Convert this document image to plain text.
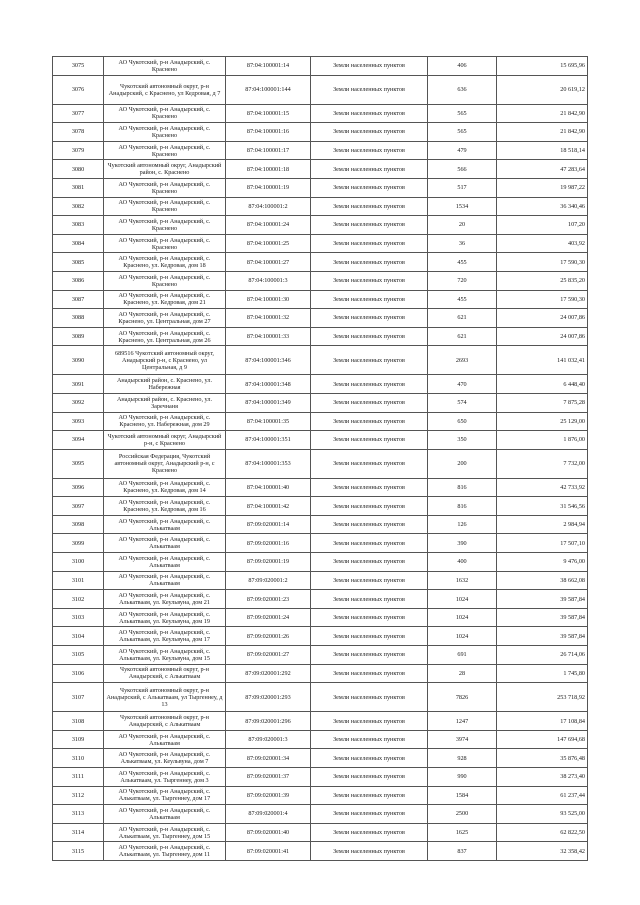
3075	АО Чукотский, р-н Анадырский, с. Краснено	87:04:100001:14	Земли населенных пунктов	406	15 695,96
3076	Чукотский автономный округ, р-н Анадырский, с Красненo, ул Кедровая, д 7	87:04:100001:144	Земли населенных пунктов	636	20 619,12
3077	АО Чукотский, р-н Анадырский, с. Краснено	87:04:100001:15	Земли населенных пунктов	565	21 842,90
3078	АО Чукотский, р-н Анадырский, с. Краснено	87:04:100001:16	Земли населенных пунктов	565	21 842,90
3079	АО Чукотский, р-н Анадырский, с. Краснено	87:04:100001:17	Земли населенных пунктов	479	18 518,14
3080	Чукотский автономный округ, Анадырский район, с. Краснено	87:04:100001:18	Земли населенных пунктов	566	47 283,64
3081	АО Чукотский, р-н Анадырский, с. Краснено	87:04:100001:19	Земли населенных пунктов	517	19 987,22
3082	АО Чукотский, р-н Анадырский, с. Краснено	87:04:100001:2	Земли населенных пунктов	1534	36 340,46
3083	АО Чукотский, р-н Анадырский, с. Краснено	87:04:100001:24	Земли населенных пунктов	20	107,20
3084	АО Чукотский, р-н Анадырский, с. Краснено	87:04:100001:25	Земли населенных пунктов	36	403,92
3085	АО Чукотский, р-н Анадырский, с. Краснено, ул. Кедровая, дом 18	87:04:100001:27	Земли населенных пунктов	455	17 590,30
3086	АО Чукотский, р-н Анадырский, с. Краснено	87:04:100001:3	Земли населенных пунктов	720	25 835,20
3087	АО Чукотский, р-н Анадырский, с. Краснено, ул. Кедровая, дом 21	87:04:100001:30	Земли населенных пунктов	455	17 590,30
3088	АО Чукотский, р-н Анадырский, с. Краснено, ул. Центральная, дом 27	87:04:100001:32	Земли населенных пунктов	621	24 007,86
3089	АО Чукотский, р-н Анадырский, с. Краснено, ул. Центральная, дом 26	87:04:100001:33	Земли населенных пунктов	621	24 007,86
3090	689516 Чукотский автономный округ, Анадырский р-н, с Краснено, ул Центральная, д 9	87:04:100001:346	Земли населенных пунктов	2693	141 032,41
3091	Анадырский район, с. Краснено, ул. Набережная	87:04:100001:348	Земли населенных пунктов	470	6 448,40
3092	Анадырский район, с. Краснено, ул. Заречнаня	87:04:100001:349	Земли населенных пунктов	574	7 875,28
3093	АО Чукотский, р-н Анадырский, с. Краснено, ул. Набережная, дом 29	87:04:100001:35	Земли населенных пунктов	650	25 129,00
3094	Чукотский автономный округ, Анадырский р-н, с Краснено	87:04:100001:351	Земли населенных пунктов	350	1 876,00
3095	Российская Федерация, Чукотский автономный округ, Анадырский р-н, с Краснено	87:04:100001:353	Земли населенных пунктов	200	7 732,00
3096	АО Чукотский, р-н Анадырский, с. Краснено, ул. Кедровая, дом 14	87:04:100001:40	Земли населенных пунктов	816	42 733,92
3097	АО Чукотский, р-н Анадырский, с. Краснено, ул. Кедровая, дом 16	87:04:100001:42	Земли населенных пунктов	816	31 546,56
3098	АО Чукотский, р-н Анадырский, с. Алькатваам	87:09:020001:14	Земли населенных пунктов	126	2 984,94
3099	АО Чукотский, р-н Анадырский, с. Алькатваам	87:09:020001:16	Земли населенных пунктов	390	17 507,10
3100	АО Чукотский, р-н Анадырский, с. Алькатваам	87:09:020001:19	Земли населенных пунктов	400	9 476,00
3101	АО Чукотский, р-н Анадырский, с. Алькатваам	87:09:020001:2	Земли населенных пунктов	1632	38 662,08
3102	АО Чукотский, р-н Анадырский, с. Алькатваам, ул. Кеульвуна, дом 21	87:09:020001:23	Земли населенных пунктов	1024	39 587,84
3103	АО Чукотский, р-н Анадырский, с. Алькатваам, ул. Кеульвуна, дом 19	87:09:020001:24	Земли населенных пунктов	1024	39 587,84
3104	АО Чукотский, р-н Анадырский, с. Алькатваам, ул. Кеульвуна, дом 17	87:09:020001:26	Земли населенных пунктов	1024	39 587,84
3105	АО Чукотский, р-н Анадырский, с. Алькатваам, ул. Кеульвуна, дом 15	87:09:020001:27	Земли населенных пунктов	691	26 714,06
3106	Чукотский автономный округ, р-н Анадырский, с Алькатваам	87:09:020001:292	Земли населенных пунктов	28	1 745,80
3107	Чукотский автономный округ, р-н Анадырский, с Алькатваам, ул Тыргеннеу, д 13	87:09:020001:293	Земли населенных пунктов	7826	253 718,92
3108	Чукотский автономный округ, р-н Анадырский, с Алькатваам	87:09:020001:296	Земли населенных пунктов	1247	17 108,84
3109	АО Чукотский, р-н Анадырский, с. Алькатваам	87:09:020001:3	Земли населенных пунктов	3974	147 694,68
3110	АО Чукотский, р-н Анадырский, с. Алькатваам, ул. Кеульвуна, дом 7	87:09:020001:34	Земли населенных пунктов	928	35 876,48
3111	АО Чукотский, р-н Анадырский, с. Алькатваам, ул. Тыргеннеу, дом 3	87:09:020001:37	Земли населенных пунктов	990	38 273,40
3112	АО Чукотский, р-н Анадырский, с. Алькатваам, ул. Тыргеннеу, дом 17	87:09:020001:39	Земли населенных пунктов	1584	61 237,44
3113	АО Чукотский, р-н Анадырский, с. Алькатваам	87:09:020001:4	Земли населенных пунктов	2500	93 525,00
3114	АО Чукотский, р-н Анадырский, с. Алькатваам, ул. Тыргеннеу, дом 15	87:09:020001:40	Земли населенных пунктов	1625	62 822,50
3115	АО Чукотский, р-н Анадырский, с. Алькатваам, ул. Тыргеннеу, дом 11	87:09:020001:41	Земли населенных пунктов	837	32 358,42
